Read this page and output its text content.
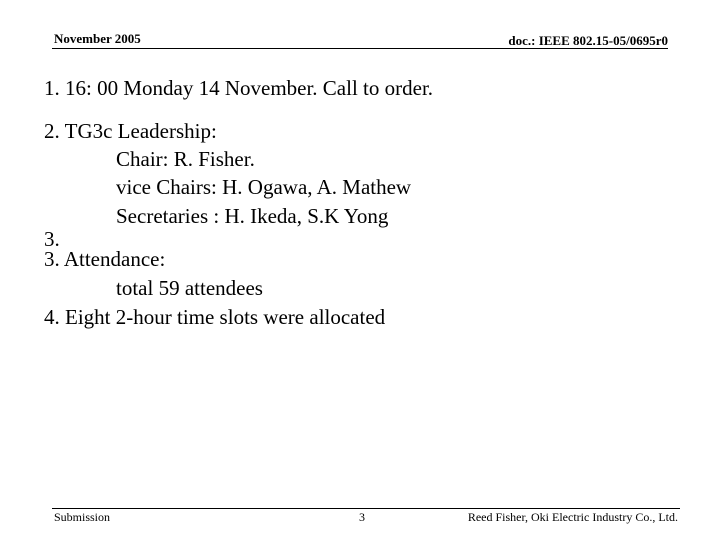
November 2005	doc.: IEEE 802.15-05/0695r0
1. 16: 00 Monday 14 November. Call to order.
2. TG3c Leadership:
Chair: R. Fisher.
vice Chairs: H. Ogawa, A. Mathew
Secretaries : H. Ikeda, S.K Yong
3.
3. Attendance:
total 59 attendees
4. Eight 2-hour time slots were allocated
Submission	3	Reed Fisher, Oki Electric Industry Co., Ltd.
